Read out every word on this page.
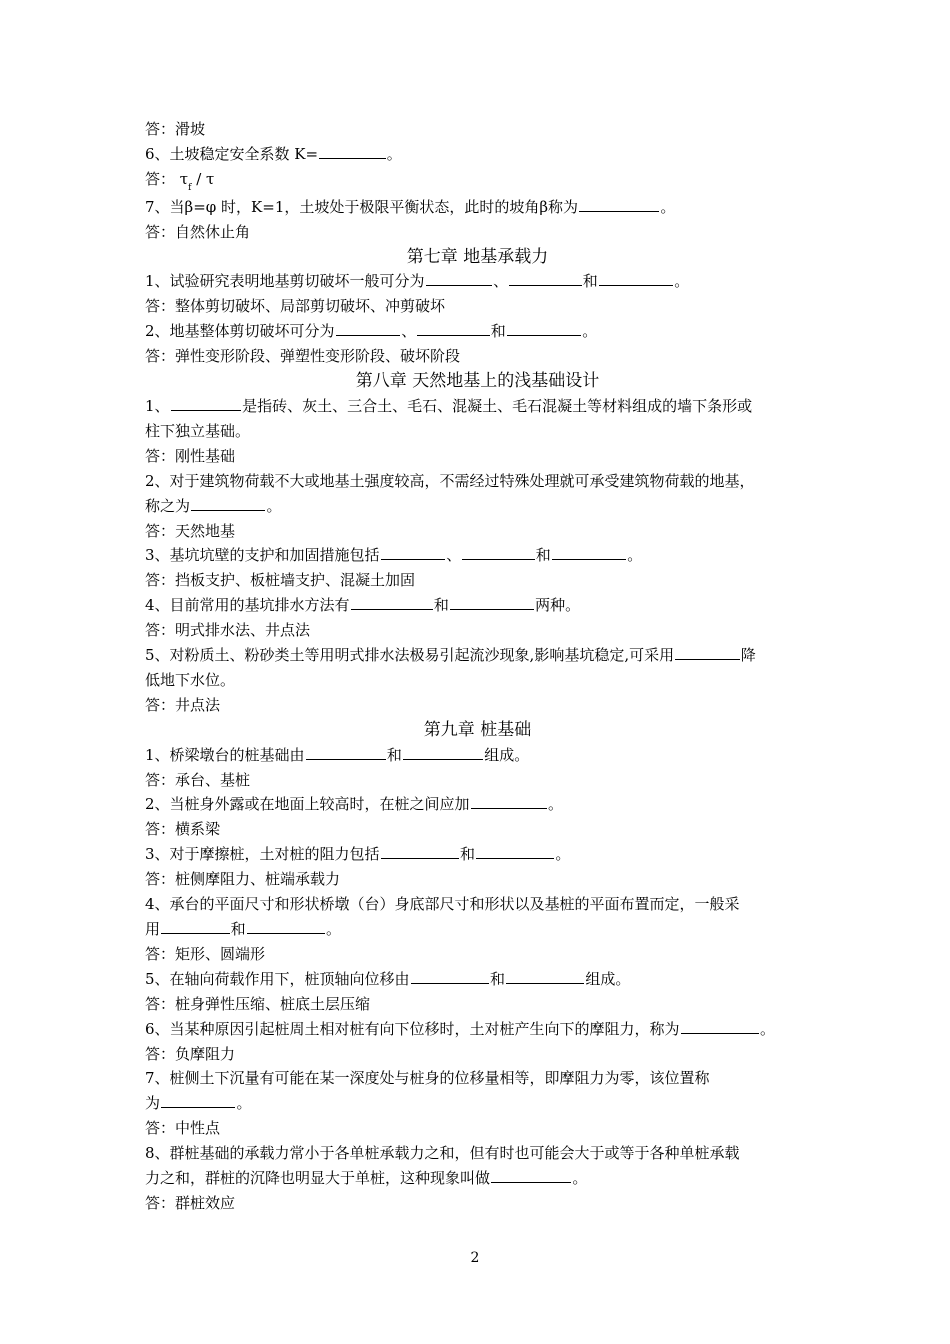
答：滑坡
6、土坡稳定安全系数 K=	。
答： $\tau_f$ / τ
7、当β=φ 时，K=1，土坡处于极限平衡状态，此时的坡角β称为	。
答：自然休止角
第七章 地基承载力
1、试验研究表明地基剪切破坏一般可分为	、	和	。
答：整体剪切破坏、局部剪切破坏、冲剪破坏
2、地基整体剪切破坏可分为	、	和	。
答：弹性变形阶段、弹塑性变形阶段、破坏阶段
第八章 天然地基上的浅基础设计
1、	是指砖、灰土、三合土、毛石、混凝土、毛石混凝土等材料组成的墙下条形或
柱下独立基础。
答：刚性基础
2、对于建筑物荷载不大或地基土强度较高，不需经过特殊处理就可承受建筑物荷载的地基，
称之为	。
答：天然地基
3、基坑坑壁的支护和加固措施包括	、	和	。
答：挡板支护、板桩墙支护、混凝土加固
4、目前常用的基坑排水方法有	和	两种。
答：明式排水法、井点法
5、对粉质土、粉砂类土等用明式排水法极易引起流沙现象,影响基坑稳定,可采用	降
低地下水位。
答：井点法
第九章 桩基础
1、桥梁墩台的桩基础由	和	组成。
答：承台、基桩
2、当桩身外露或在地面上较高时，在桩之间应加	。
答：横系梁
3、对于摩擦桩，土对桩的阻力包括	和	。
答：桩侧摩阻力、桩端承载力
4、承台的平面尺寸和形状桥墩（台）身底部尺寸和形状以及基桩的平面布置而定，一般采
用	和	。
答：矩形、圆端形
5、在轴向荷载作用下，桩顶轴向位移由	和	组成。
答：桩身弹性压缩、桩底土层压缩
6、当某种原因引起桩周土相对桩有向下位移时，土对桩产生向下的摩阻力，称为	。
答：负摩阻力
7、桩侧土下沉量有可能在某一深度处与桩身的位移量相等，即摩阻力为零，该位置称
为	。
答：中性点
8、群桩基础的承载力常小于各单桩承载力之和，但有时也可能会大于或等于各种单桩承载
力之和，群桩的沉降也明显大于单桩，这种现象叫做	。
答：群桩效应
2
